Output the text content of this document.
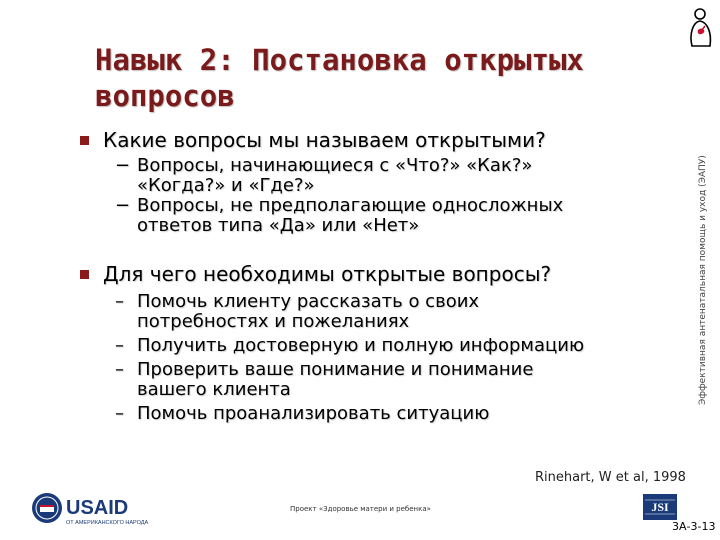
Навык 2: Постановка открытых
вопросов
Какие вопросы мы называем открытыми?
− Вопросы, начинающиеся с «Что?» «Как?»
«Когда?» и «Где?»
− Вопросы, не предполагающие односложных
ответов типа «Да» или «Нет»
Для чего необходимы открытые вопросы?
– Помочь клиенту рассказать о своих
потребностях и пожеланиях
– Получить достоверную и полную информацию
– Проверить ваше понимание и понимание
вашего клиента
– Помочь проанализировать ситуацию
Эффективная антенатальная помощь и уход (ЭАПУ)
Rinehart, W et al, 1998
USAID
ОТ АМЕРИКАНСКОГО НАРОДА
Проект «Здоровье матери и ребенка»	JSI
3А-3-13
